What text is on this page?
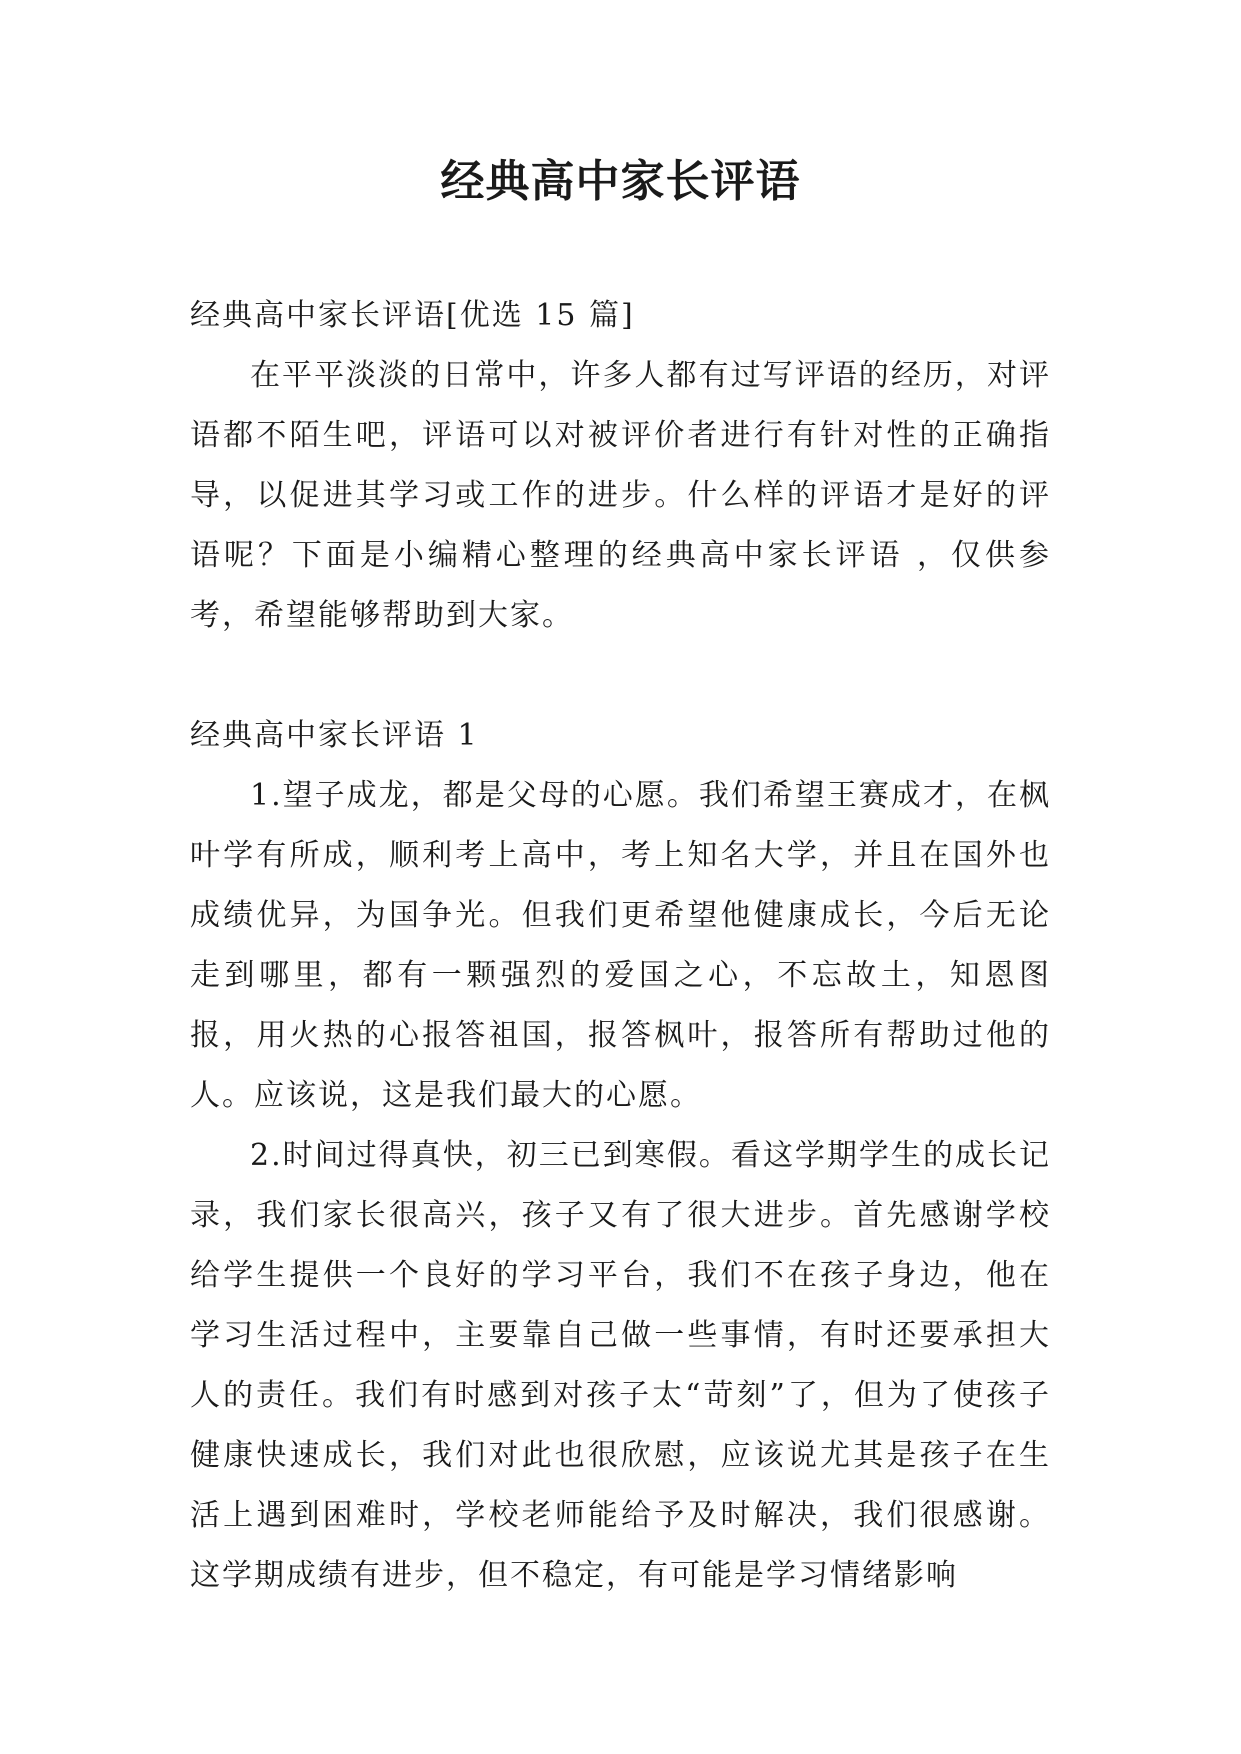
经典高中家长评语

经典高中家长评语[优选 15 篇]

在平平淡淡的日常中，许多人都有过写评语的经历，对评语都不陌生吧，评语可以对被评价者进行有针对性的正确指导，以促进其学习或工作的进步。什么样的评语才是好的评语呢？下面是小编精心整理的经典高中家长评语 ，仅供参考，希望能够帮助到大家。

经典高中家长评语 1

1.望子成龙，都是父母的心愿。我们希望王赛成才，在枫叶学有所成，顺利考上高中，考上知名大学，并且在国外也成绩优异，为国争光。但我们更希望他健康成长，今后无论走到哪里，都有一颗强烈的爱国之心，不忘故土，知恩图报，用火热的心报答祖国，报答枫叶，报答所有帮助过他的人。应该说，这是我们最大的心愿。

2.时间过得真快，初三已到寒假。看这学期学生的成长记录，我们家长很高兴，孩子又有了很大进步。首先感谢学校给学生提供一个良好的学习平台，我们不在孩子身边，他在学习生活过程中，主要靠自己做一些事情，有时还要承担大人的责任。我们有时感到对孩子太“苛刻”了，但为了使孩子健康快速成长，我们对此也很欣慰，应该说尤其是孩子在生活上遇到困难时，学校老师能给予及时解决，我们很感谢。这学期成绩有进步，但不稳定，有可能是学习情绪影响
